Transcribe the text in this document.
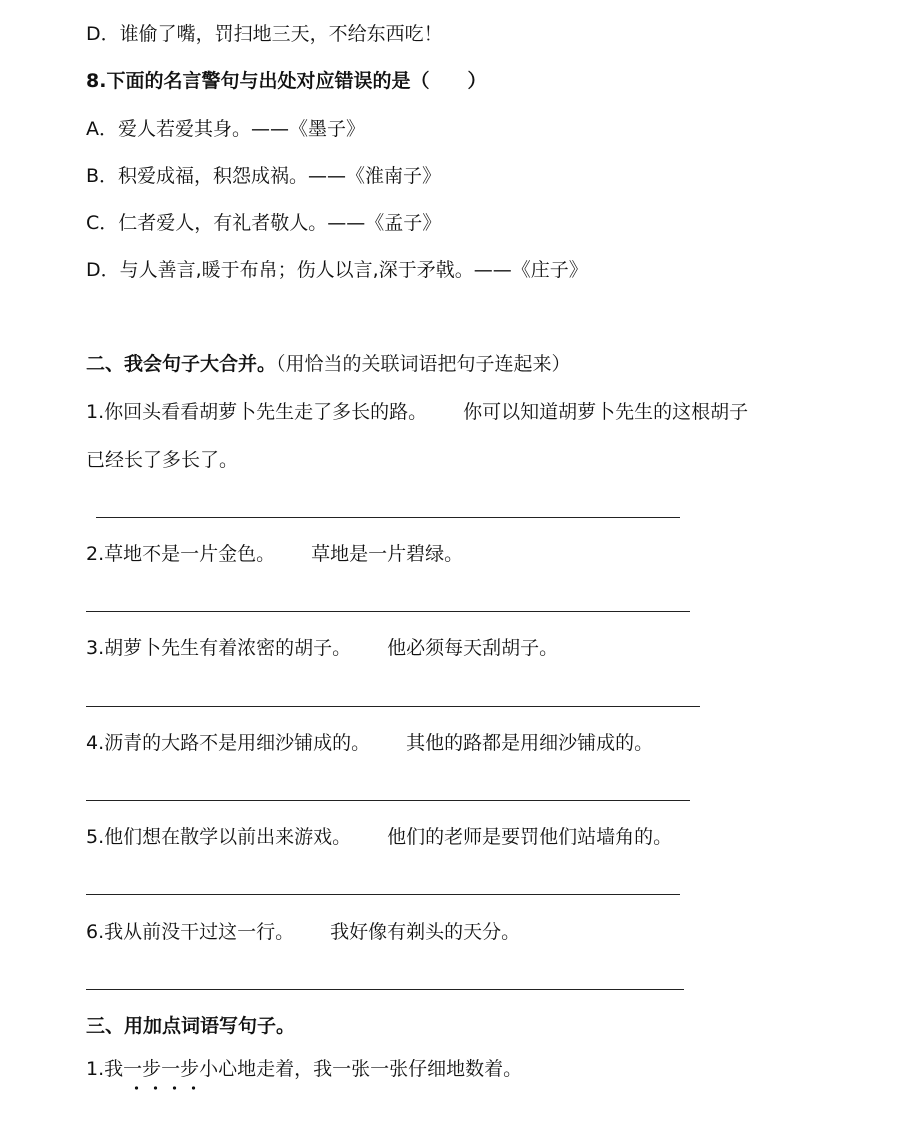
D．谁偷了嘴，罚扫地三天，不给东西吃！
8.下面的名言警句与出处对应错误的是（　　）
A．爱人若爱其身。——《墨子》
B．积爱成福，积怨成祸。——《淮南子》
C．仁者爱人，有礼者敬人。——《孟子》
D．与人善言,暖于布帛；伤人以言,深于矛戟。——《庄子》
二、我会句子大合并。（用恰当的关联词语把句子连起来）
1.你回头看看胡萝卜先生走了多长的路。 你可以知道胡萝卜先生的这根胡子
已经长了多长了。
2.草地不是一片金色。 草地是一片碧绿。
3.胡萝卜先生有着浓密的胡子。 他必须每天刮胡子。
4.沥青的大路不是用细沙铺成的。 其他的路都是用细沙铺成的。
5.他们想在散学以前出来游戏。 他们的老师是要罚他们站墙角的。
6.我从前没干过这一行。 我好像有剃头的天分。
三、用加点词语写句子。
1.我一步一步小心地走着，我一张一张仔细地数着。
